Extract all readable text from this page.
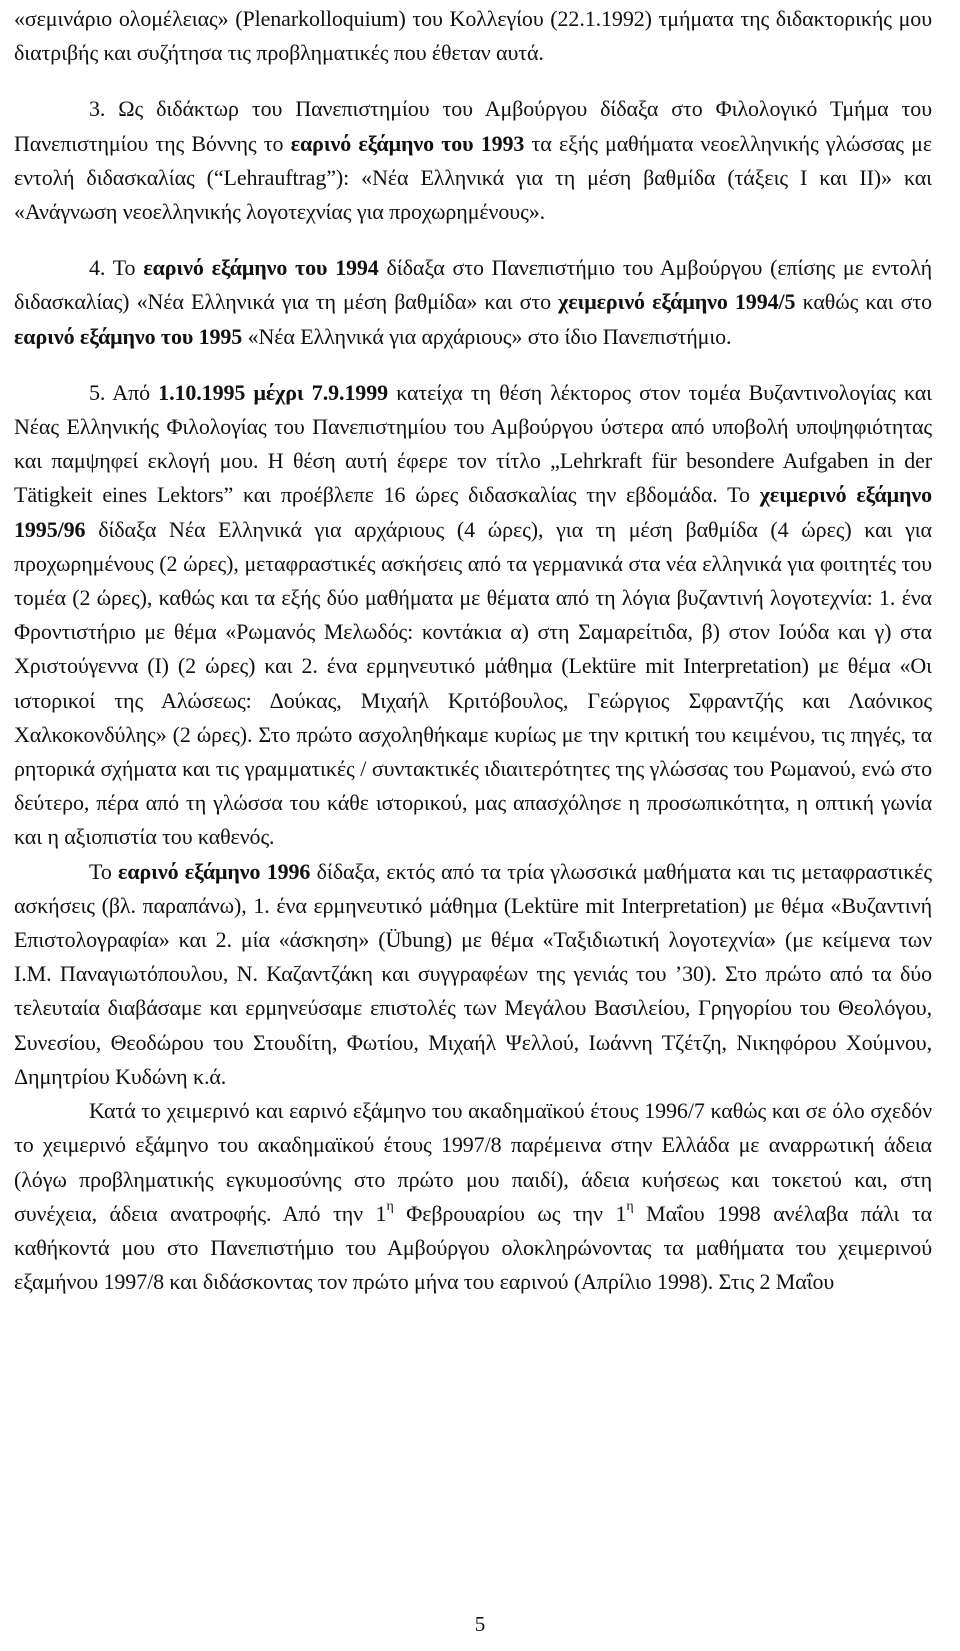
«σεμινάριο ολομέλειας» (Plenarkolloquium) του Κολλεγίου (22.1.1992) τμήματα της διδακτορικής μου διατριβής και συζήτησα τις προβληματικές που έθεταν αυτά.

3. Ως διδάκτωρ του Πανεπιστημίου του Αμβούργου δίδαξα στο Φιλολογικό Τμήμα του Πανεπιστημίου της Βόννης το εαρινό εξάμηνο του 1993 τα εξής μαθήματα νεοελληνικής γλώσσας με εντολή διδασκαλίας (“Lehrauftrag”): «Νέα Ελληνικά για τη μέση βαθμίδα (τάξεις I και II)» και «Ανάγνωση νεοελληνικής λογοτεχνίας για προχωρημένους».

4. Το εαρινό εξάμηνο του 1994 δίδαξα στο Πανεπιστήμιο του Αμβούργου (επίσης με εντολή διδασκαλίας) «Νέα Ελληνικά για τη μέση βαθμίδα» και στο χειμερινό εξάμηνο 1994/5 καθώς και στο εαρινό εξάμηνο του 1995 «Νέα Ελληνικά για αρχάριους» στο ίδιο Πανεπιστήμιο.

5. Από 1.10.1995 μέχρι 7.9.1999 κατείχα τη θέση λέκτορος στον τομέα Βυζαντινολογίας και Νέας Ελληνικής Φιλολογίας του Πανεπιστημίου του Αμβούργου ύστερα από υποβολή υποψηφιότητας και παμψηφεί εκλογή μου. Η θέση αυτή έφερε τον τίτλο „Lehrkraft für besondere Aufgaben in der Tätigkeit eines Lektors” και προέβλεπε 16 ώρες διδασκαλίας την εβδομάδα. Το χειμερινό εξάμηνο 1995/96 δίδαξα Νέα Ελληνικά για αρχάριους (4 ώρες), για τη μέση βαθμίδα (4 ώρες) και για προχωρημένους (2 ώρες), μεταφραστικές ασκήσεις από τα γερμανικά στα νέα ελληνικά για φοιτητές του τομέα (2 ώρες), καθώς και τα εξής δύο μαθήματα με θέματα από τη λόγια βυζαντινή λογοτεχνία: 1. ένα Φροντιστήριο με θέμα «Ρωμανός Μελωδός: κοντάκια α) στη Σαμαρείτιδα, β) στον Ιούδα και γ) στα Χριστούγεννα (I) (2 ώρες) και 2. ένα ερμηνευτικό μάθημα (Lektüre mit Interpretation) με θέμα «Οι ιστορικοί της Αλώσεως: Δούκας, Μιχαήλ Κριτόβουλος, Γεώργιος Σφραντζής και Λαόνικος Χαλκοκονδύλης» (2 ώρες). Στο πρώτο ασχοληθήκαμε κυρίως με την κριτική του κειμένου, τις πηγές, τα ρητορικά σχήματα και τις γραμματικές / συντακτικές ιδιαιτερότητες της γλώσσας του Ρωμανού, ενώ στο δεύτερο, πέρα από τη γλώσσα του κάθε ιστορικού, μας απασχόλησε η προσωπικότητα, η οπτική γωνία και η αξιοπιστία του καθενός.

Το εαρινό εξάμηνο 1996 δίδαξα, εκτός από τα τρία γλωσσικά μαθήματα και τις μεταφραστικές ασκήσεις (βλ. παραπάνω), 1. ένα ερμηνευτικό μάθημα (Lektüre mit Interpretation) με θέμα «Βυζαντινή Επιστολογραφία» και 2. μία «άσκηση» (Übung) με θέμα «Ταξιδιωτική λογοτεχνία» (με κείμενα των Ι.Μ. Παναγιωτόπουλου, Ν. Καζαντζάκη και συγγραφέων της γενιάς του ’30). Στο πρώτο από τα δύο τελευταία διαβάσαμε και ερμηνεύσαμε επιστολές των Μεγάλου Βασιλείου, Γρηγορίου του Θεολόγου, Συνεσίου, Θεοδώρου του Στουδίτη, Φωτίου, Μιχαήλ Ψελλού, Ιωάννη Τζέτζη, Νικηφόρου Χούμνου, Δημητρίου Κυδώνη κ.ά.

Κατά το χειμερινό και εαρινό εξάμηνο του ακαδημαϊκού έτους 1996/7 καθώς και σε όλο σχεδόν το χειμερινό εξάμηνο του ακαδημαϊκού έτους 1997/8 παρέμεινα στην Ελλάδα με αναρρωτική άδεια (λόγω προβληματικής εγκυμοσύνης στο πρώτο μου παιδί), άδεια κυήσεως και τοκετού και, στη συνέχεια, άδεια ανατροφής. Από την $1^\eta$ Φεβρουαρίου ως την $1^\eta$ Μαΐου 1998 ανέλαβα πάλι τα καθήκοντά μου στο Πανεπιστήμιο του Αμβούργου ολοκληρώνοντας τα μαθήματα του χειμερινού εξαμήνου 1997/8 και διδάσκοντας τον πρώτο μήνα του εαρινού (Απρίλιο 1998). Στις 2 Μαΐου

5
